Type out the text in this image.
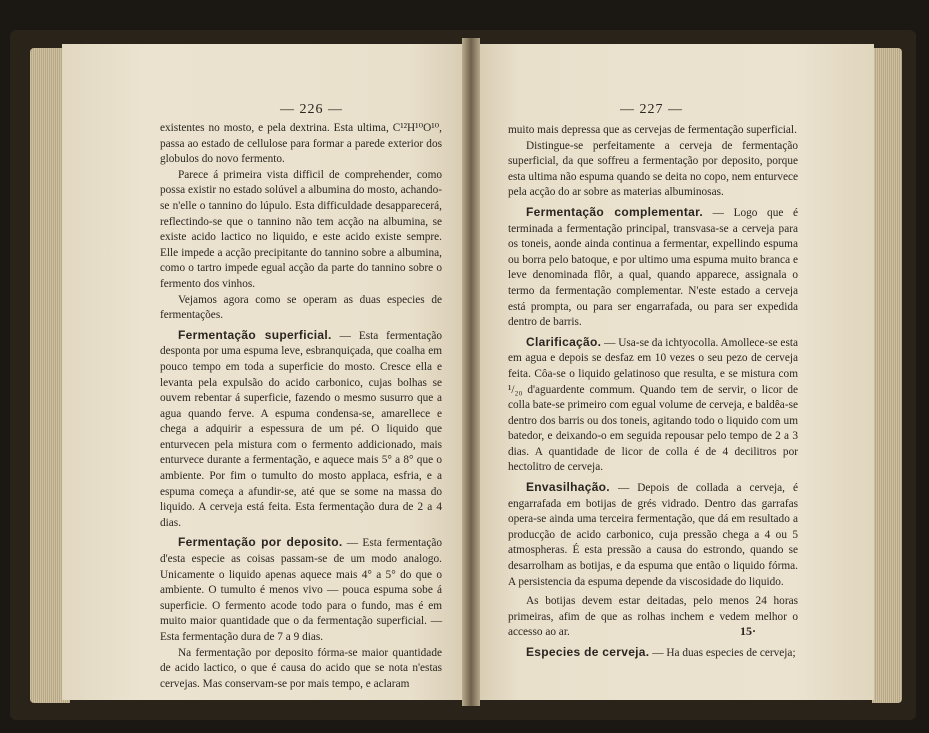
— 226 —

existentes no mosto, e pela dextrina. Esta ultima, C¹²H¹⁰O¹⁰, passa ao estado de cellulose para formar a parede exterior dos globulos do novo fermento.

Parece á primeira vista difficil de comprehender, como possa existir no estado solúvel a albumina do mosto, achando-se n'elle o tannino do lúpulo. Esta difficuldade desapparecerá, reflectindo-se que o tannino não tem acção na albumina, se existe acido lactico no liquido, e este acido existe sempre. Elle impede a acção precipitante do tannino sobre a albumina, como o tartro impede egual acção da parte do tannino sobre o fermento dos vinhos.

Vejamos agora como se operam as duas especies de fermentações.

Fermentação superficial. — Esta fermentação desponta por uma espuma leve, esbranquiçada, que coalha em pouco tempo em toda a superficie do mosto. Cresce ella e levanta pela expulsão do acido carbonico, cujas bolhas se ouvem rebentar á superficie, fazendo o mesmo susurro que a agua quando ferve. A espuma condensa-se, amarellece e chega a adquirir a espessura de um pé. O liquido que enturvecen pela mistura com o fermento addicionado, mais enturvece durante a fermentação, e aquece mais 5° a 8° que o ambiente. Por fim o tumulto do mosto applaca, esfria, e a espuma começa a afundir-se, até que se some na massa do liquido. A cerveja está feita. Esta fermentação dura de 2 a 4 dias.

Fermentação por deposito. — Esta fermentação d'esta especie as coisas passam-se de um modo analogo. Unicamente o liquido apenas aquece mais 4° a 5° do que o ambiente. O tumulto é menos vivo — pouca espuma sobe á superficie. O fermento acode todo para o fundo, mas é em muito maior quantidade que o da fermentação superficial. — Esta fermentação dura de 7 a 9 dias.

Na fermentação por deposito fórma-se maior quantidade de acido lactico, o que é causa do acido que se nota n'estas cervejas. Mas conservam-se por mais tempo, e aclaram

— 227 —

muito mais depressa que as cervejas de fermentação superficial.

Distingue-se perfeitamente a cerveja de fermentação superficial, da que soffreu a fermentação por deposito, porque esta ultima não espuma quando se deita no copo, nem enturvece pela acção do ar sobre as materias albuminosas.

Fermentação complementar. — Logo que é terminada a fermentação principal, transvasa-se a cerveja para os toneis, aonde ainda continua a fermentar, expellindo espuma ou borra pelo batoque, e por ultimo uma espuma muito branca e leve denominada flôr, a qual, quando apparece, assignala o termo da fermentação complementar. N'este estado a cerveja está prompta, ou para ser engarrafada, ou para ser expedida dentro de barris.

Clarificação. — Usa-se da ichtyocolla. Amollece-se esta em agua e depois se desfaz em 10 vezes o seu pezo de cerveja feita. Côa-se o liquido gelatinoso que resulta, e se mistura com ¹/₂₀ d'aguardente commum. Quando tem de servir, o licor de colla bate-se primeiro com egual volume de cerveja, e baldêa-se dentro dos barris ou dos toneis, agitando todo o liquido com um batedor, e deixando-o em seguida repousar pelo tempo de 2 a 3 dias. A quantidade de licor de colla é de 4 decilitros por hectolitro de cerveja.

Envasilhação. — Depois de collada a cerveja, é engarrafada em botijas de grés vidrado. Dentro das garrafas opera-se ainda uma terceira fermentação, que dá em resultado a producção de acido carbonico, cuja pressão chega a 4 ou 5 atmospheras. É esta pressão a causa do estrondo, quando se desarrolham as botijas, e da espuma que então o liquido fórma. A persistencia da espuma depende da viscosidade do liquido.

As botijas devem estar deitadas, pelo menos 24 horas primeiras, afim de que as rolhas inchem e vedem melhor o accesso ao ar.

Especies de cerveja. — Ha duas especies de cerveja;

15·
